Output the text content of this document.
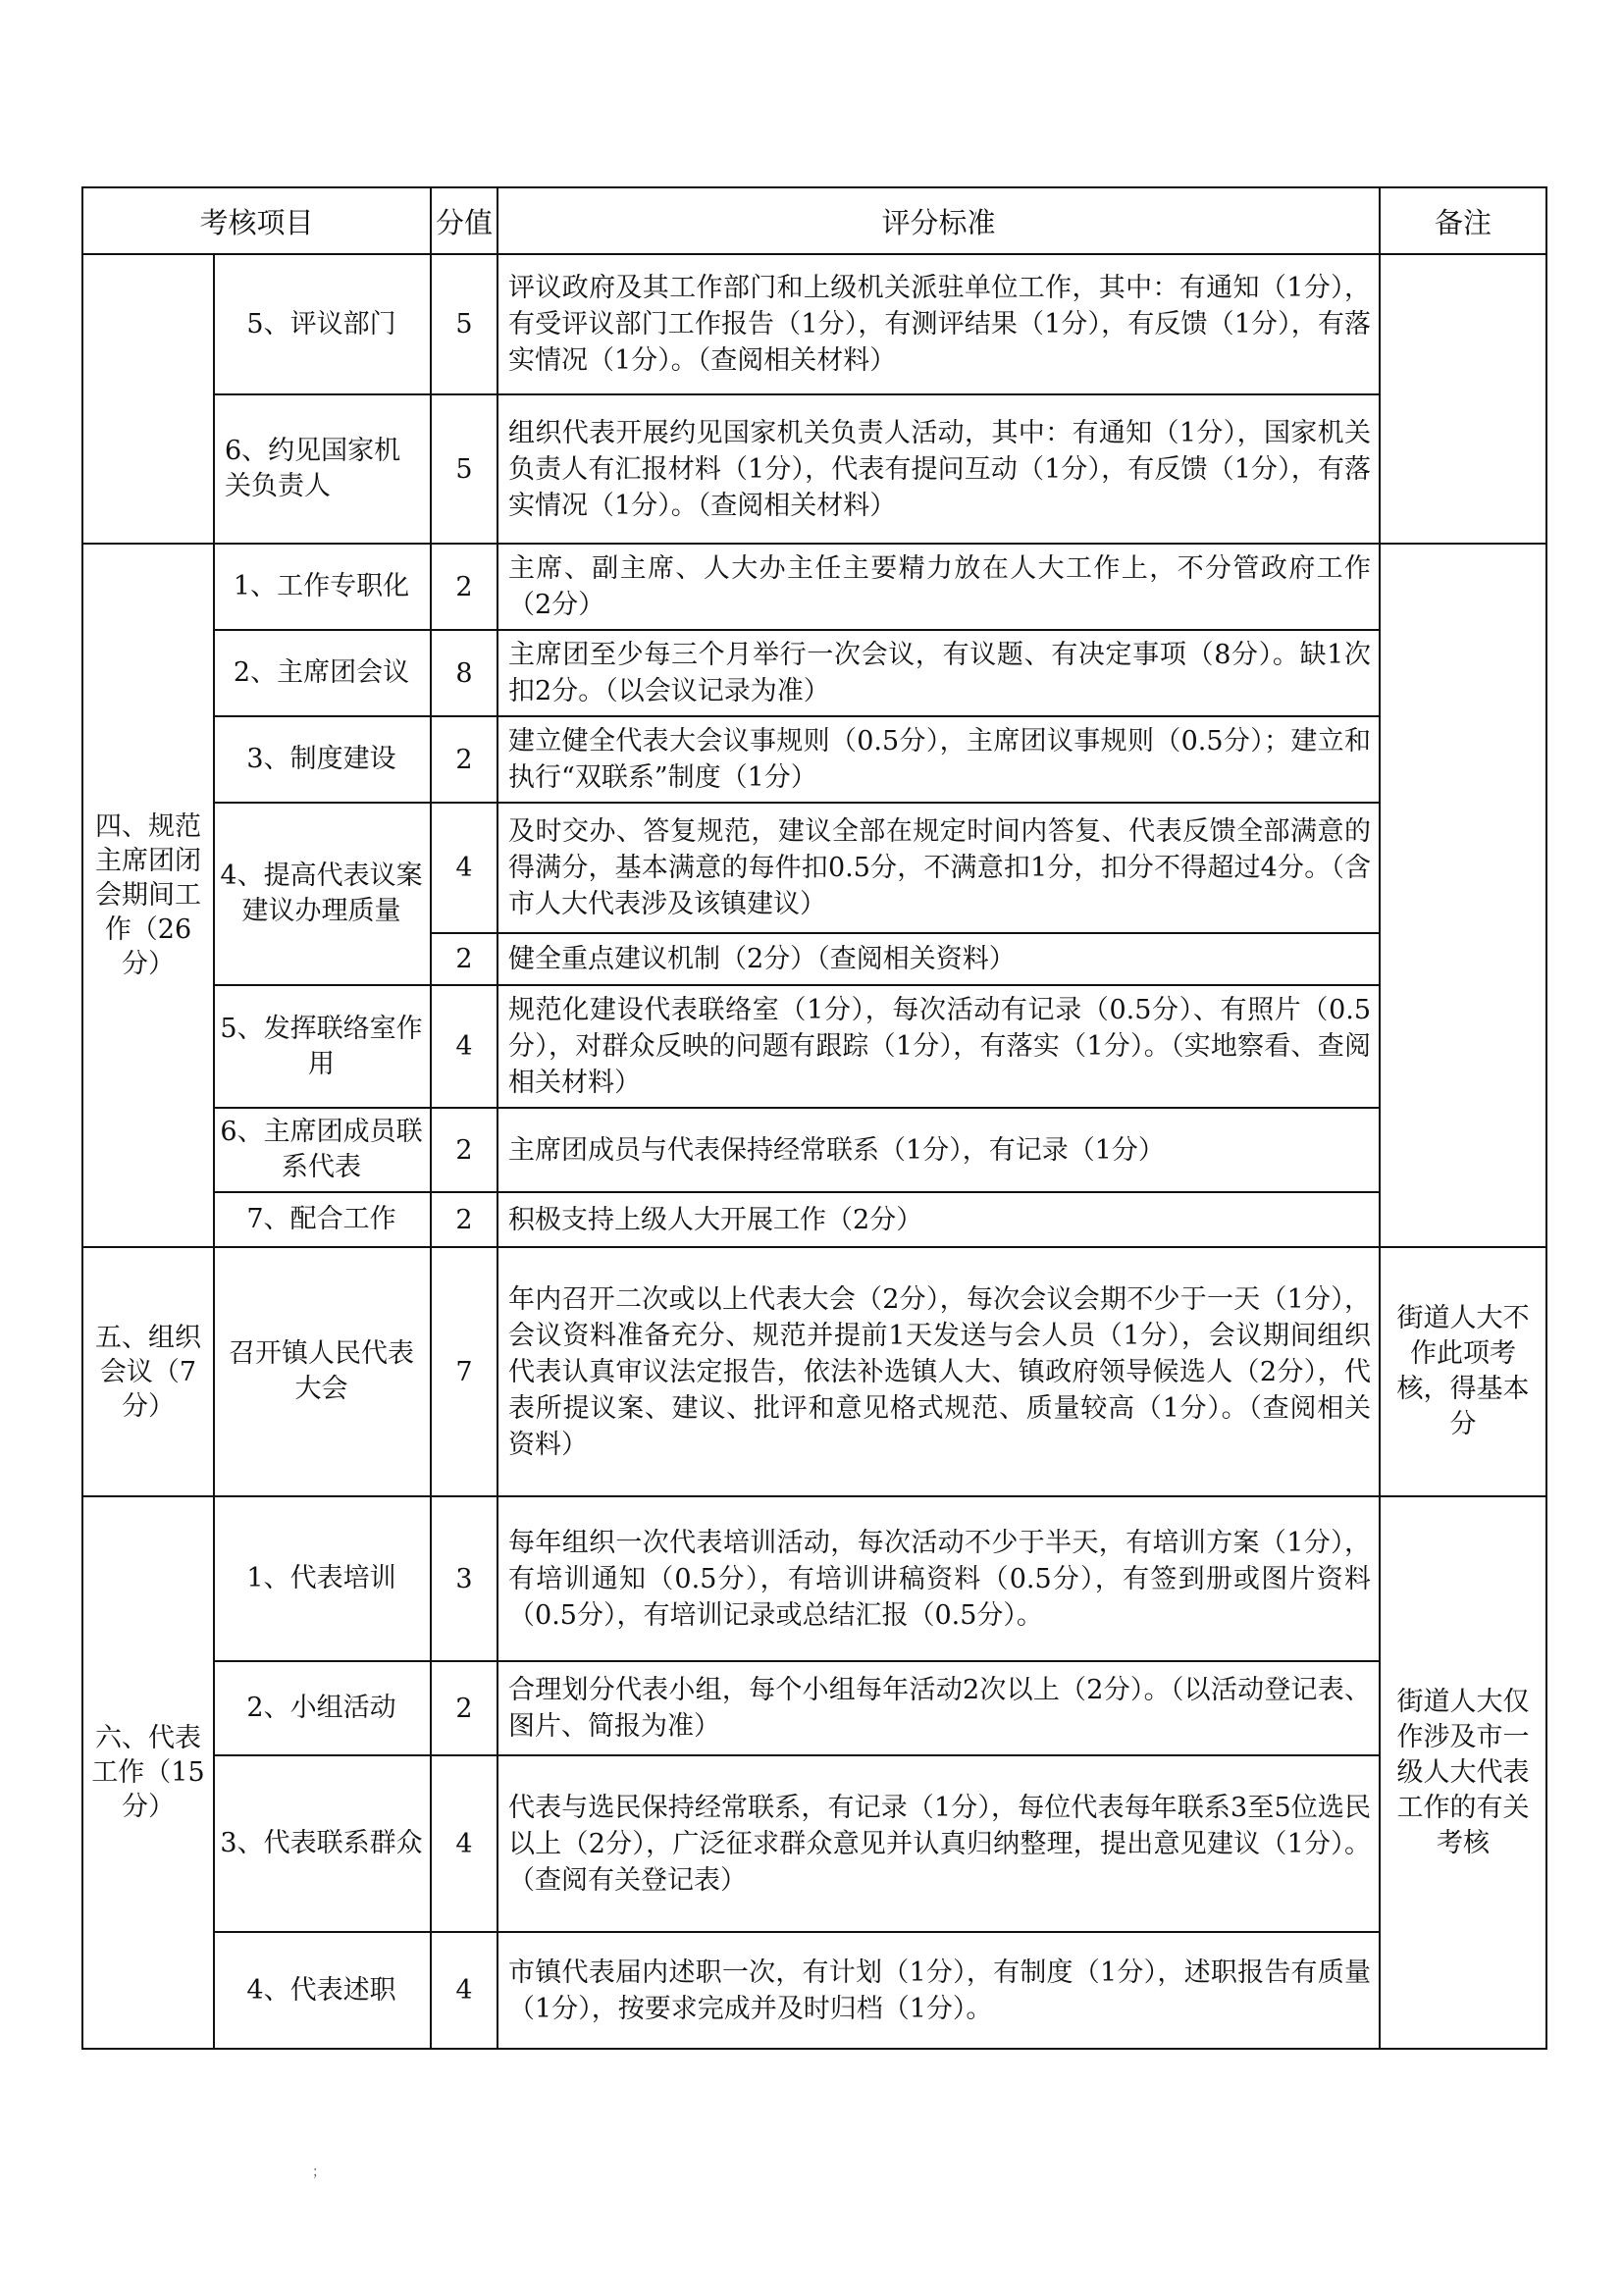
考核项目		分值	评分标准	备注
	5、评议部门	5	评议政府及其工作部门和上级机关派驻单位工作，其中：有通知（1分），有受评议部门工作报告（1分），有测评结果（1分），有反馈（1分），有落实情况（1分）。（查阅相关材料）	
	6、约见国家机关负责人	5	组织代表开展约见国家机关负责人活动，其中：有通知（1分），国家机关负责人有汇报材料（1分），代表有提问互动（1分），有反馈（1分），有落实情况（1分）。（查阅相关材料）	
四、规范主席团闭会期间工作（26分）	1、工作专职化	2	主席、副主席、人大办主任主要精力放在人大工作上，不分管政府工作（2分）	
	2、主席团会议	8	主席团至少每三个月举行一次会议，有议题、有决定事项（8分）。缺1次扣2分。（以会议记录为准）	
	3、制度建设	2	建立健全代表大会议事规则（0.5分），主席团议事规则（0.5分）；建立和执行“双联系”制度（1分）	
	4、提高代表议案建议办理质量	4	及时交办、答复规范，建议全部在规定时间内答复、代表反馈全部满意的得满分，基本满意的每件扣0.5分，不满意扣1分，扣分不得超过4分。（含市人大代表涉及该镇建议）	
		2	健全重点建议机制（2分）（查阅相关资料）	
	5、发挥联络室作用	4	规范化建设代表联络室（1分），每次活动有记录（0.5分）、有照片（0.5分），对群众反映的问题有跟踪（1分），有落实（1分）。（实地察看、查阅相关材料）	
	6、主席团成员联系代表	2	主席团成员与代表保持经常联系（1分），有记录（1分）	
	7、配合工作	2	积极支持上级人大开展工作（2分）	
五、组织会议（7分）	召开镇人民代表大会	7	年内召开二次或以上代表大会（2分），每次会议会期不少于一天（1分），会议资料准备充分、规范并提前1天发送与会人员（1分），会议期间组织代表认真审议法定报告，依法补选镇人大、镇政府领导候选人（2分），代表所提议案、建议、批评和意见格式规范、质量较高（1分）。（查阅相关资料）	街道人大不作此项考核，得基本分
六、代表工作（15分）	1、代表培训	3	每年组织一次代表培训活动，每次活动不少于半天，有培训方案（1分），有培训通知（0.5分），有培训讲稿资料（0.5分），有签到册或图片资料（0.5分），有培训记录或总结汇报（0.5分）。	街道人大仅作涉及市一级人大代表工作的有关考核
	2、小组活动	2	合理划分代表小组，每个小组每年活动2次以上（2分）。（以活动登记表、图片、简报为准）	
	3、代表联系群众	4	代表与选民保持经常联系，有记录（1分），每位代表每年联系3至5位选民以上（2分），广泛征求群众意见并认真归纳整理，提出意见建议（1分）。（查阅有关登记表）	
	4、代表述职	4	市镇代表届内述职一次，有计划（1分），有制度（1分），述职报告有质量（1分），按要求完成并及时归档（1分）。	
；
